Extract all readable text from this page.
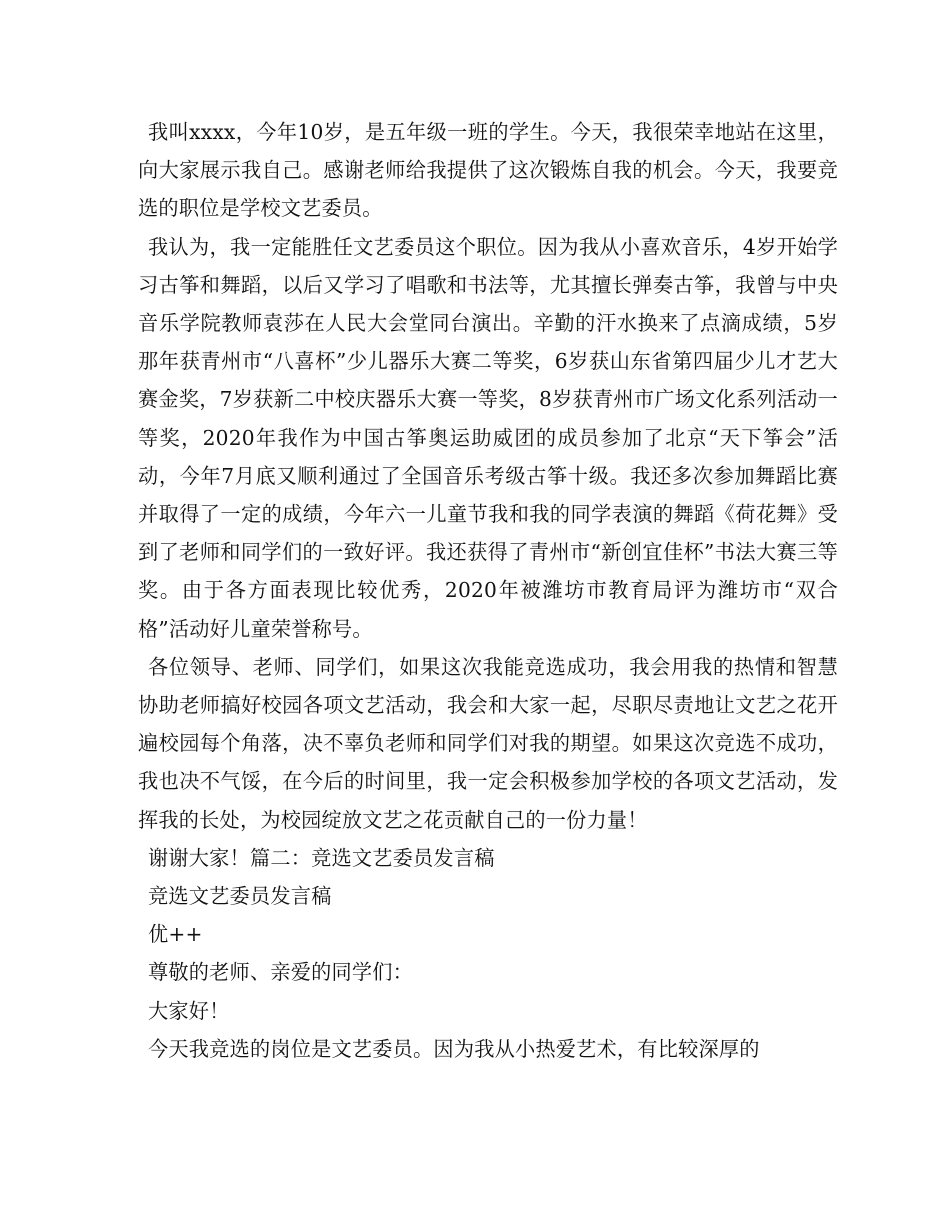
我叫xxxx，今年10岁，是五年级一班的学生。今天，我很荣幸地站在这里，向大家展示我自己。感谢老师给我提供了这次锻炼自我的机会。今天，我要竞选的职位是学校文艺委员。

我认为，我一定能胜任文艺委员这个职位。因为我从小喜欢音乐，4岁开始学习古筝和舞蹈，以后又学习了唱歌和书法等，尤其擅长弹奏古筝，我曾与中央音乐学院教师袁莎在人民大会堂同台演出。辛勤的汗水换来了点滴成绩，5岁那年获青州市“八喜杯”少儿器乐大赛二等奖，6岁获山东省第四届少儿才艺大赛金奖，7岁获新二中校庆器乐大赛一等奖，8岁获青州市广场文化系列活动一等奖，2020年我作为中国古筝奥运助威团的成员参加了北京“天下筝会”活动，今年7月底又顺利通过了全国音乐考级古筝十级。我还多次参加舞蹈比赛并取得了一定的成绩，今年六一儿童节我和我的同学表演的舞蹈《荷花舞》受到了老师和同学们的一致好评。我还获得了青州市“新创宜佳杯”书法大赛三等奖。由于各方面表现比较优秀，2020年被潍坊市教育局评为潍坊市“双合格”活动好儿童荣誉称号。

各位领导、老师、同学们，如果这次我能竞选成功，我会用我的热情和智慧协助老师搞好校园各项文艺活动，我会和大家一起，尽职尽责地让文艺之花开遍校园每个角落，决不辜负老师和同学们对我的期望。如果这次竞选不成功，我也决不气馁，在今后的时间里，我一定会积极参加学校的各项文艺活动，发挥我的长处，为校园绽放文艺之花贡献自己的一份力量！

谢谢大家！篇二：竞选文艺委员发言稿

竞选文艺委员发言稿

优++

尊敬的老师、亲爱的同学们：

大家好！

今天我竞选的岗位是文艺委员。因为我从小热爱艺术，有比较深厚的
